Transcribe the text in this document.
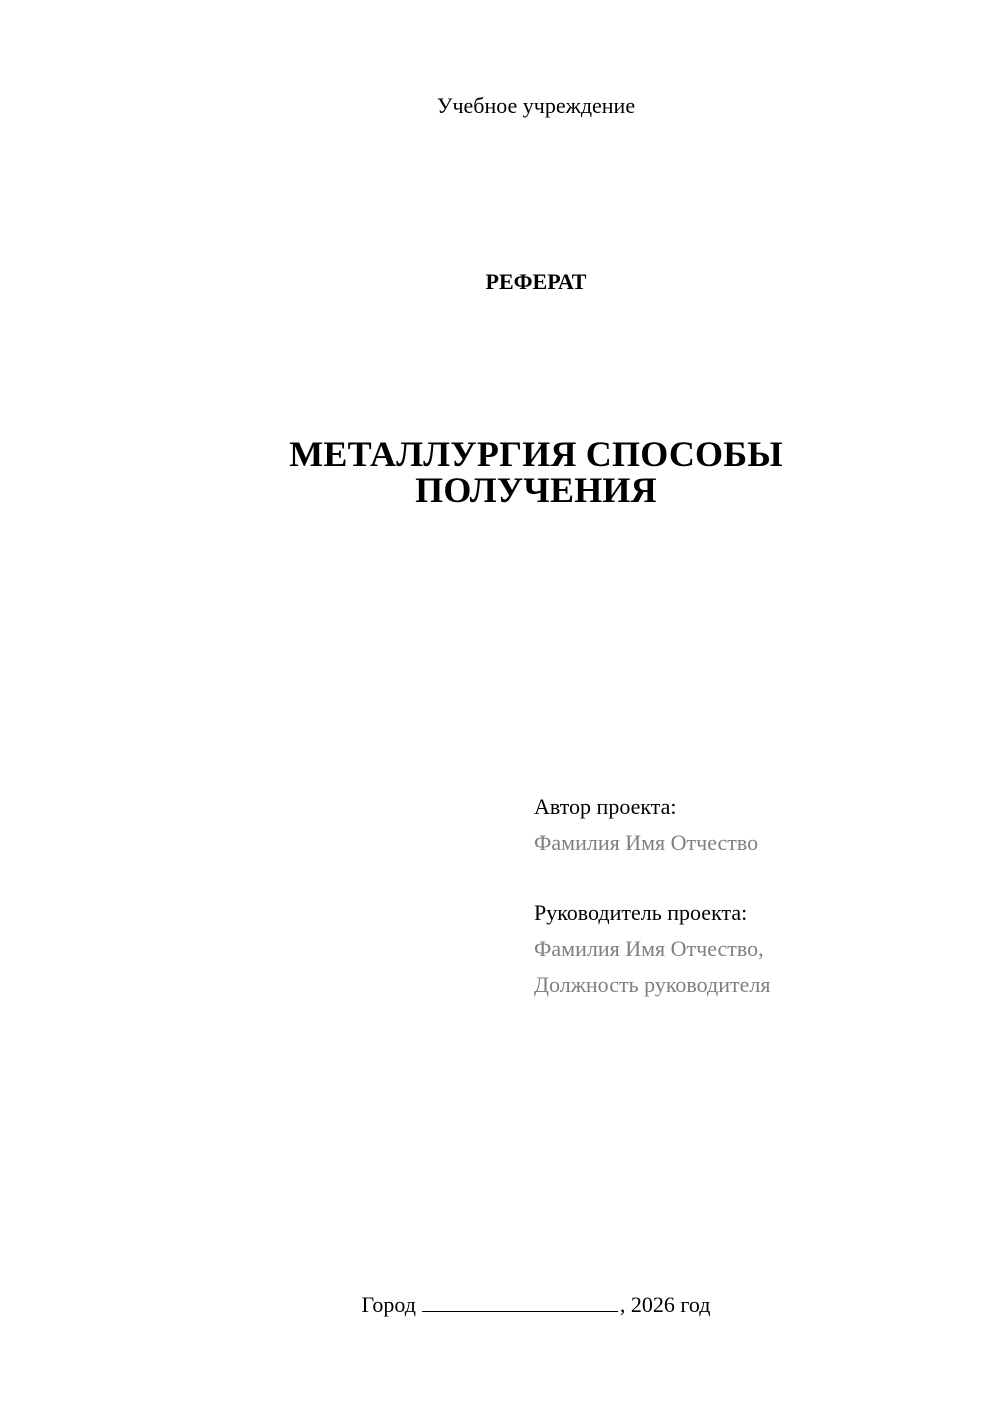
Учебное учреждение
РЕФЕРАТ
МЕТАЛЛУРГИЯ СПОСОБЫ
ПОЛУЧЕНИЯ
Автор проекта:
Фамилия Имя Отчество
Руководитель проекта:
Фамилия Имя Отчество,
Должность руководителя
Город	, 2026 год
